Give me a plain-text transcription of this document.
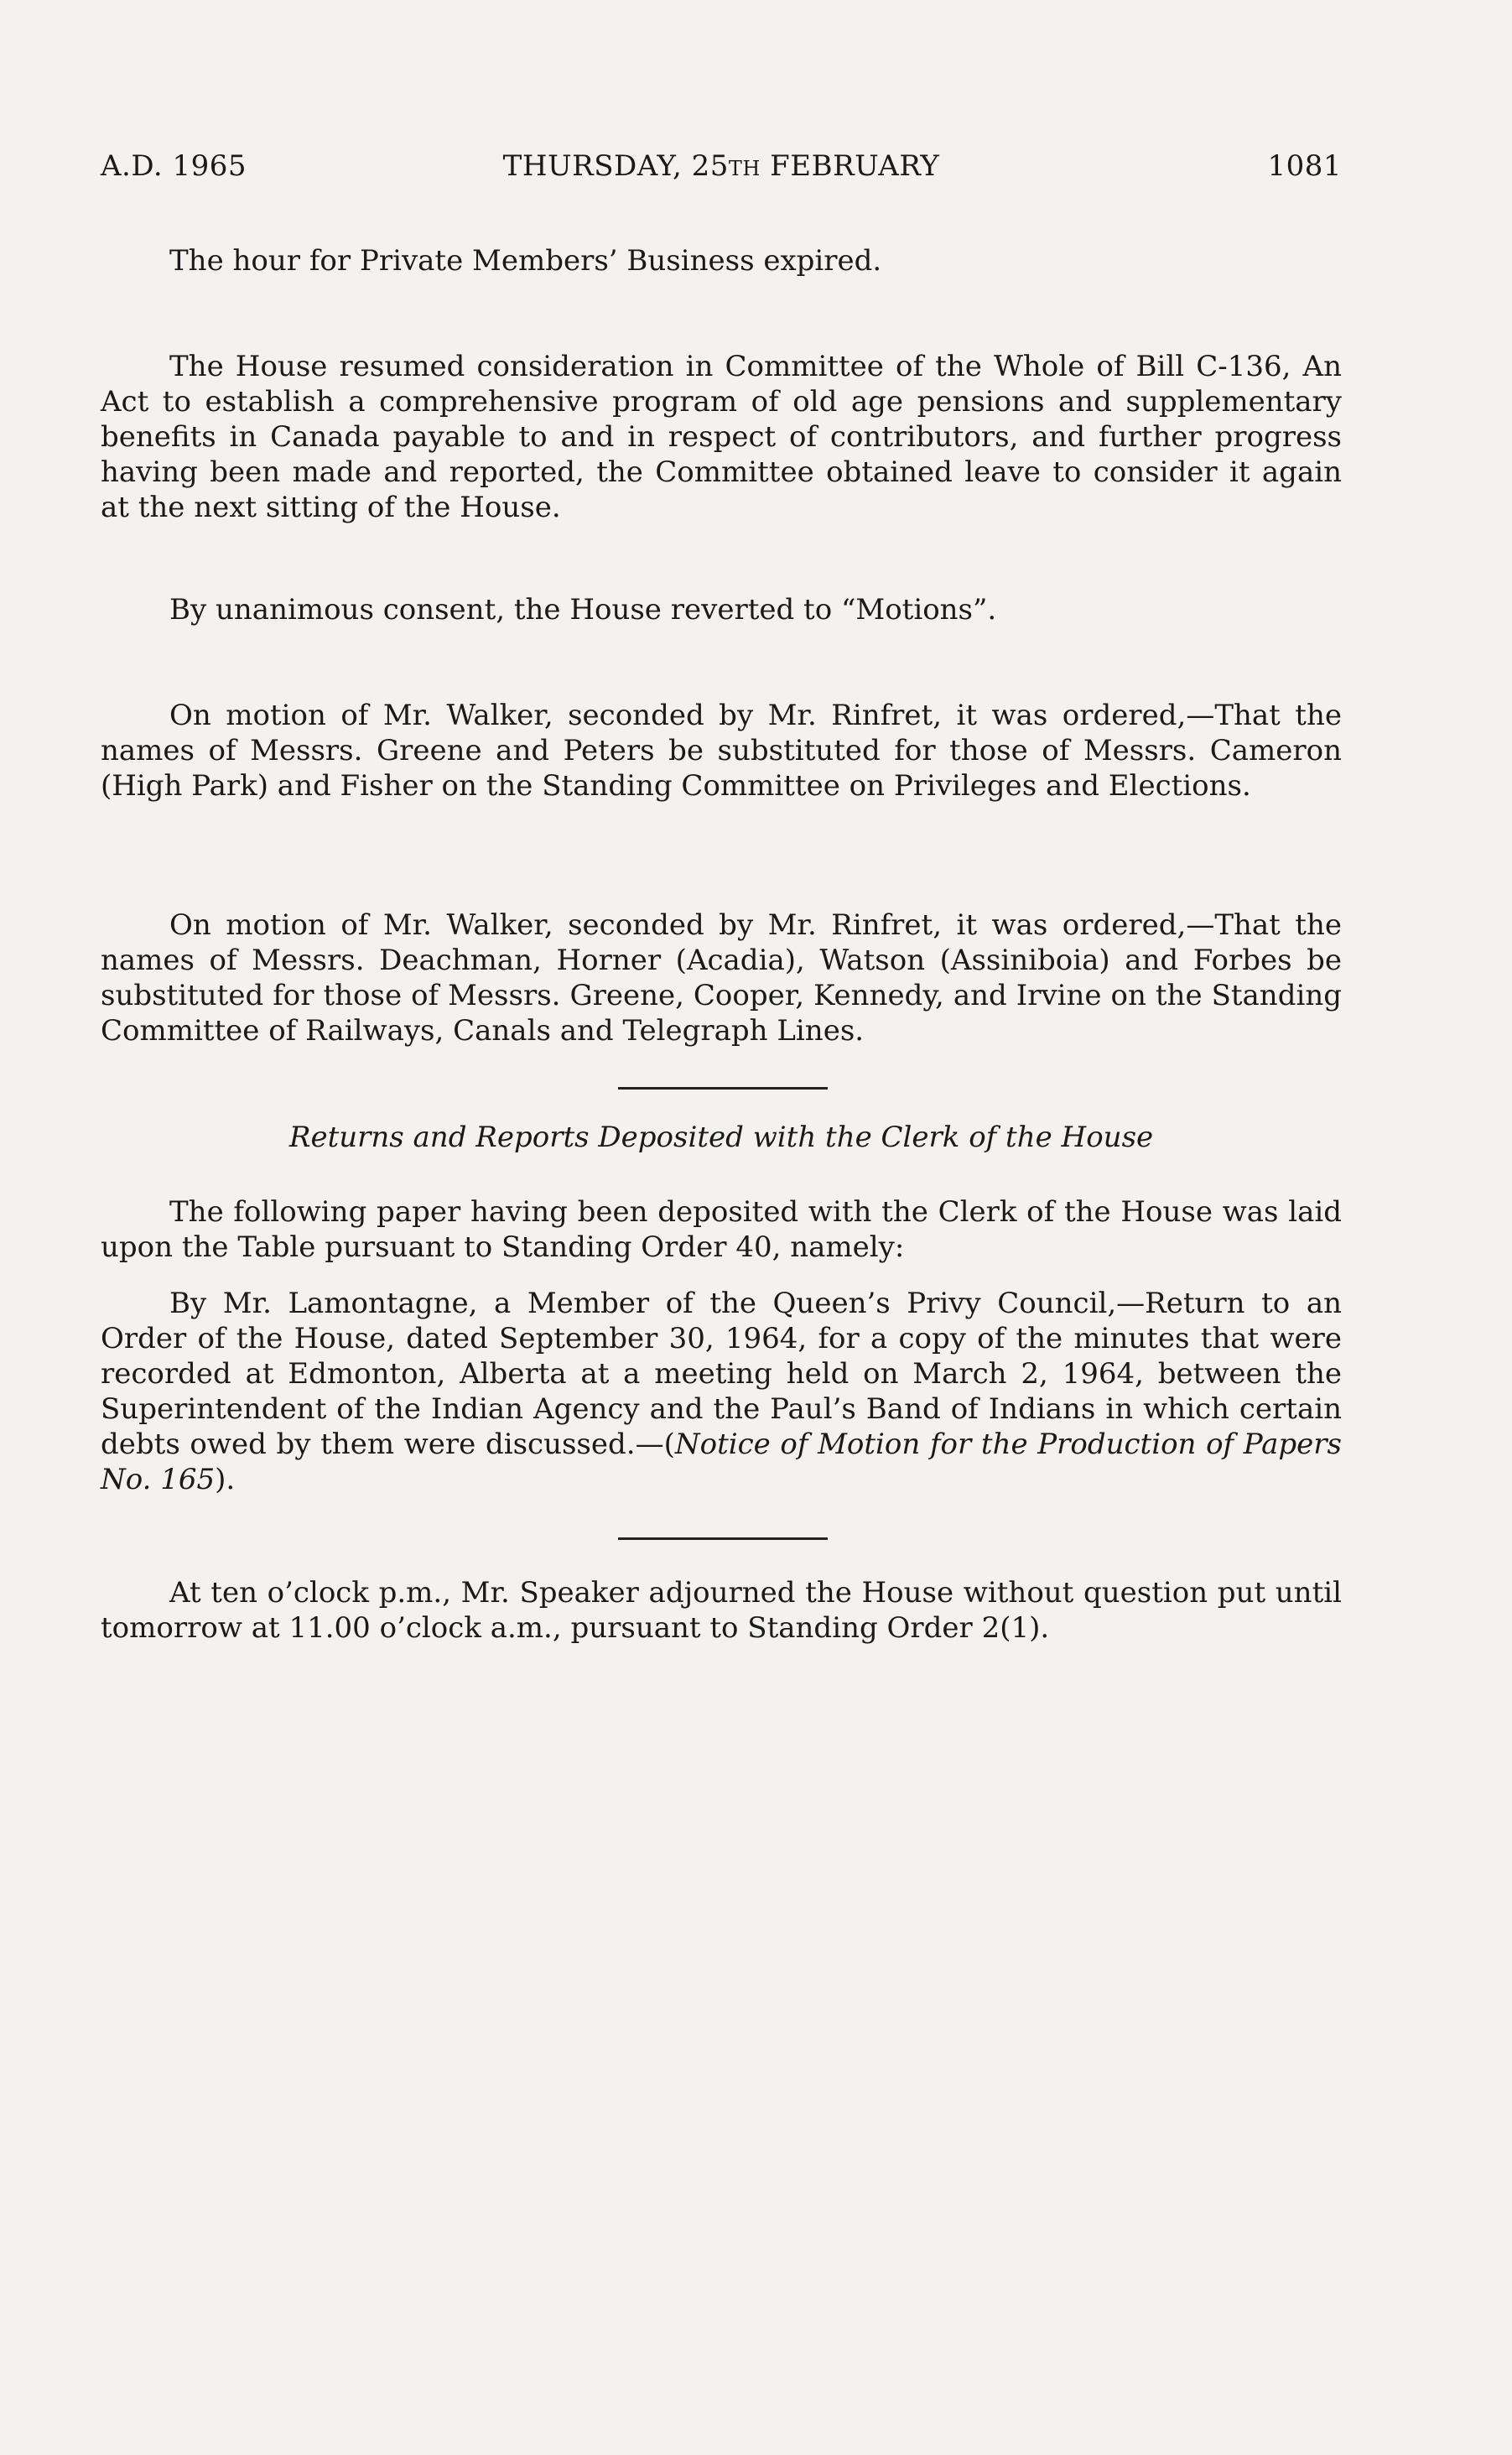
A.D. 1965	THURSDAY, 25th FEBRUARY	1081

The hour for Private Members’ Business expired.

The House resumed consideration in Committee of the Whole of Bill C-136, An Act to establish a comprehensive program of old age pensions and supplementary benefits in Canada payable to and in respect of contributors, and further progress having been made and reported, the Committee obtained leave to consider it again at the next sitting of the House.

By unanimous consent, the House reverted to “Motions”.

On motion of Mr. Walker, seconded by Mr. Rinfret, it was ordered,—That the names of Messrs. Greene and Peters be substituted for those of Messrs. Cameron (High Park) and Fisher on the Standing Committee on Privileges and Elections.

On motion of Mr. Walker, seconded by Mr. Rinfret, it was ordered,—That the names of Messrs. Deachman, Horner (Acadia), Watson (Assiniboia) and Forbes be substituted for those of Messrs. Greene, Cooper, Kennedy, and Irvine on the Standing Committee of Railways, Canals and Telegraph Lines.

Returns and Reports Deposited with the Clerk of the House

The following paper having been deposited with the Clerk of the House was laid upon the Table pursuant to Standing Order 40, namely:

By Mr. Lamontagne, a Member of the Queen’s Privy Council,—Return to an Order of the House, dated September 30, 1964, for a copy of the minutes that were recorded at Edmonton, Alberta at a meeting held on March 2, 1964, between the Superintendent of the Indian Agency and the Paul’s Band of Indians in which certain debts owed by them were discussed.—(Notice of Motion for the Production of Papers No. 165).

At ten o’clock p.m., Mr. Speaker adjourned the House without question put until tomorrow at 11.00 o’clock a.m., pursuant to Standing Order 2(1).
